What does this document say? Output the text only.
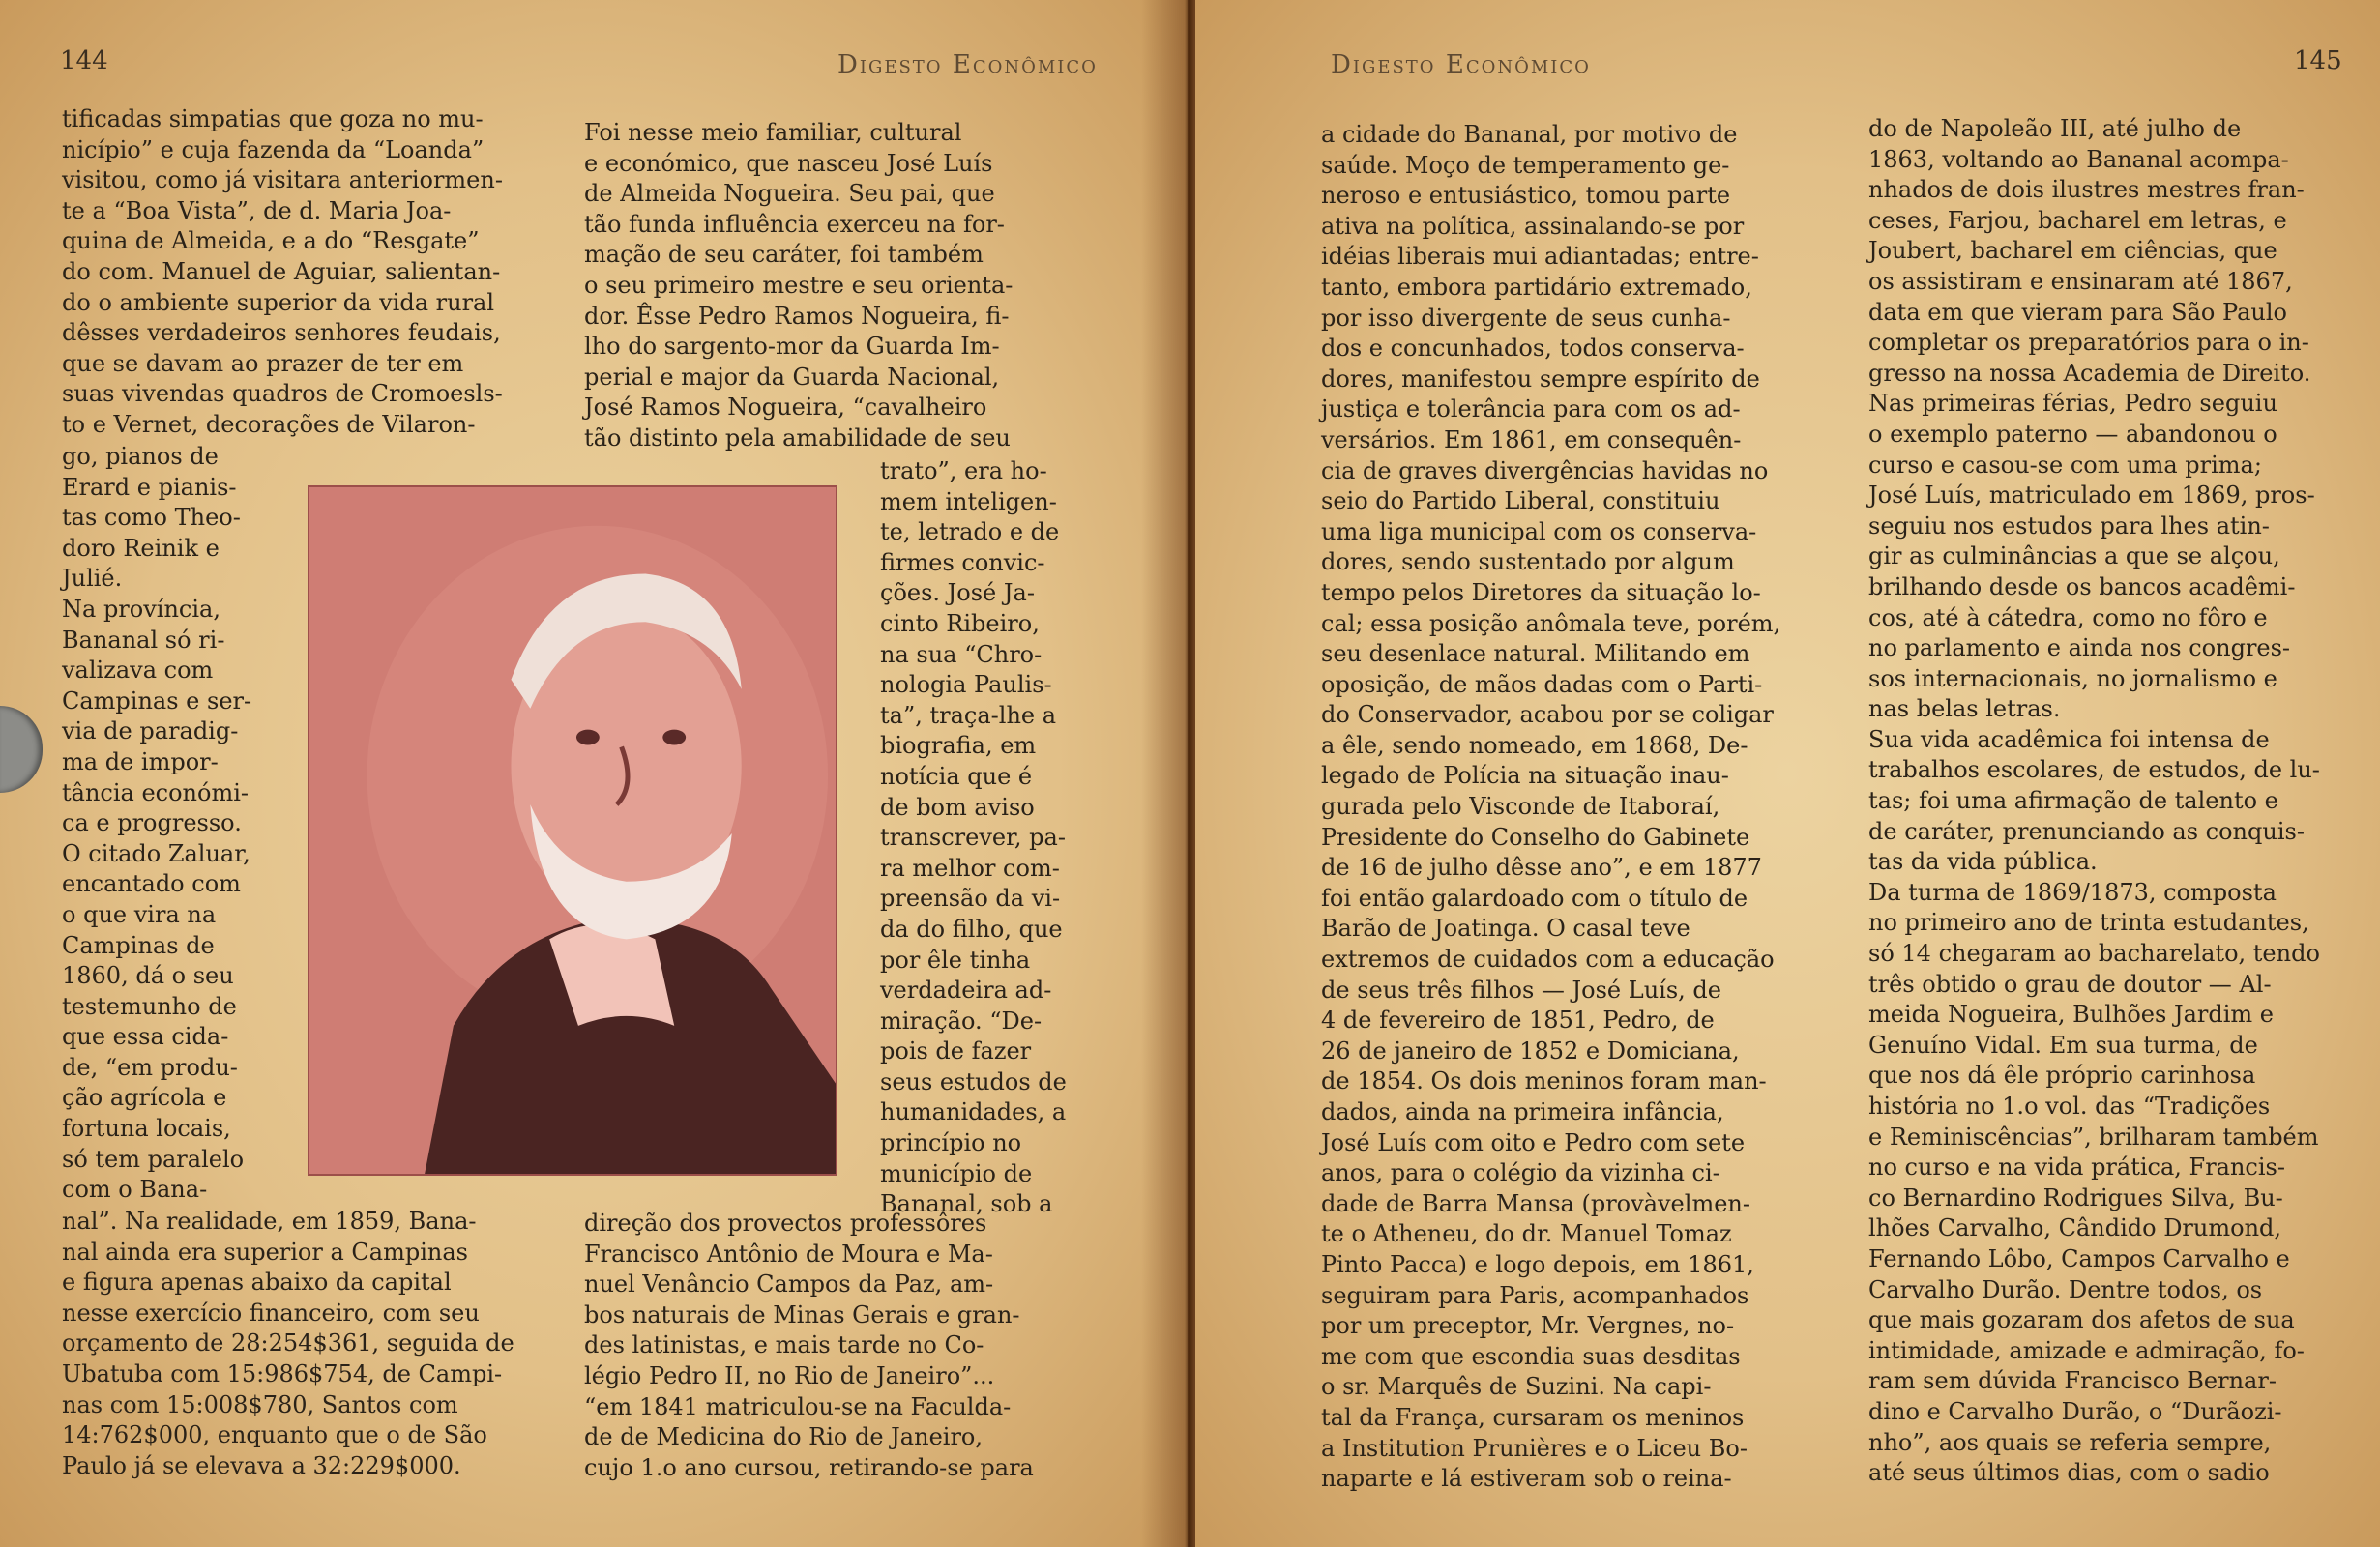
144	Digesto Econômico
tificadas simpatias que goza no mu-
nicípio” e cuja fazenda da “Loanda”
visitou, como já visitara anteriormen-
te a “Boa Vista”, de d. Maria Joa-
quina de Almeida, e a do “Resgate”
do com. Manuel de Aguiar, salientan-
do o ambiente superior da vida rural
dêsses verdadeiros senhores feudais,
que se davam ao prazer de ter em
suas vivendas quadros de Cromoesls-
to e Vernet, decorações de Vilaron-
go, pianos de
Erard e pianis-
tas como Theo-
doro Reinik e
Julié.
Na província,
Bananal só ri-
valizava com
Campinas e ser-
via de paradig-
ma de impor-
tância económi-
ca e progresso.
O citado Zaluar,
encantado com
o que vira na
Campinas de
1860, dá o seu
testemunho de
que essa cida-
de, “em produ-
ção agrícola e
fortuna locais,
só tem paralelo
com o Bana-
nal”. Na realidade, em 1859, Bana-
nal ainda era superior a Campinas
e figura apenas abaixo da capital
nesse exercício financeiro, com seu
orçamento de 28:254$361, seguida de
Ubatuba com 15:986$754, de Campi-
nas com 15:008$780, Santos com
14:762$000, enquanto que o de São
Paulo já se elevava a 32:229$000.
Foi nesse meio familiar, cultural
e económico, que nasceu José Luís
de Almeida Nogueira. Seu pai, que
tão funda influência exerceu na for-
mação de seu caráter, foi também
o seu primeiro mestre e seu orienta-
dor. Êsse Pedro Ramos Nogueira, fi-
lho do sargento-mor da Guarda Im-
perial e major da Guarda Nacional,
José Ramos Nogueira, “cavalheiro
tão distinto pela amabilidade de seu
trato”, era ho-
mem inteligen-
te, letrado e de
firmes convic-
ções. José Ja-
cinto Ribeiro,
na sua “Chro-
nologia Paulis-
ta”, traça-lhe a
biografia, em
notícia que é
de bom aviso
transcrever, pa-
ra melhor com-
preensão da vi-
da do filho, que
por êle tinha
verdadeira ad-
miração. “De-
pois de fazer
seus estudos de
humanidades, a
princípio no
município de
Bananal, sob a
direção dos provectos professôres
Francisco Antônio de Moura e Ma-
nuel Venâncio Campos da Paz, am-
bos naturais de Minas Gerais e gran-
des latinistas, e mais tarde no Co-
légio Pedro II, no Rio de Janeiro”...
“em 1841 matriculou-se na Faculda-
de de Medicina do Rio de Janeiro,
cujo 1.o ano cursou, retirando-se para
Digesto Econômico	145
a cidade do Bananal, por motivo de
saúde. Moço de temperamento ge-
neroso e entusiástico, tomou parte
ativa na política, assinalando-se por
idéias liberais mui adiantadas; entre-
tanto, embora partidário extremado,
por isso divergente de seus cunha-
dos e concunhados, todos conserva-
dores, manifestou sempre espírito de
justiça e tolerância para com os ad-
versários. Em 1861, em consequên-
cia de graves divergências havidas no
seio do Partido Liberal, constituiu
uma liga municipal com os conserva-
dores, sendo sustentado por algum
tempo pelos Diretores da situação lo-
cal; essa posição anômala teve, porém,
seu desenlace natural. Militando em
oposição, de mãos dadas com o Parti-
do Conservador, acabou por se coligar
a êle, sendo nomeado, em 1868, De-
legado de Polícia na situação inau-
gurada pelo Visconde de Itaboraí,
Presidente do Conselho do Gabinete
de 16 de julho dêsse ano”, e em 1877
foi então galardoado com o título de
Barão de Joatinga. O casal teve
extremos de cuidados com a educação
de seus três filhos — José Luís, de
4 de fevereiro de 1851, Pedro, de
26 de janeiro de 1852 e Domiciana,
de 1854. Os dois meninos foram man-
dados, ainda na primeira infância,
José Luís com oito e Pedro com sete
anos, para o colégio da vizinha ci-
dade de Barra Mansa (provàvelmen-
te o Atheneu, do dr. Manuel Tomaz
Pinto Pacca) e logo depois, em 1861,
seguiram para Paris, acompanhados
por um preceptor, Mr. Vergnes, no-
me com que escondia suas desditas
o sr. Marquês de Suzini. Na capi-
tal da França, cursaram os meninos
a Institution Prunières e o Liceu Bo-
naparte e lá estiveram sob o reina-
do de Napoleão III, até julho de
1863, voltando ao Bananal acompa-
nhados de dois ilustres mestres fran-
ceses, Farjou, bacharel em letras, e
Joubert, bacharel em ciências, que
os assistiram e ensinaram até 1867,
data em que vieram para São Paulo
completar os preparatórios para o in-
gresso na nossa Academia de Direito.
Nas primeiras férias, Pedro seguiu
o exemplo paterno — abandonou o
curso e casou-se com uma prima;
José Luís, matriculado em 1869, pros-
seguiu nos estudos para lhes atin-
gir as culminâncias a que se alçou,
brilhando desde os bancos acadêmi-
cos, até à cátedra, como no fôro e
no parlamento e ainda nos congres-
sos internacionais, no jornalismo e
nas belas letras.
Sua vida acadêmica foi intensa de
trabalhos escolares, de estudos, de lu-
tas; foi uma afirmação de talento e
de caráter, prenunciando as conquis-
tas da vida pública.
Da turma de 1869/1873, composta
no primeiro ano de trinta estudantes,
só 14 chegaram ao bacharelato, tendo
três obtido o grau de doutor — Al-
meida Nogueira, Bulhões Jardim e
Genuíno Vidal. Em sua turma, de
que nos dá êle próprio carinhosa
história no 1.o vol. das “Tradições
e Reminiscências”, brilharam também
no curso e na vida prática, Francis-
co Bernardino Rodrigues Silva, Bu-
lhões Carvalho, Cândido Drumond,
Fernando Lôbo, Campos Carvalho e
Carvalho Durão. Dentre todos, os
que mais gozaram dos afetos de sua
intimidade, amizade e admiração, fo-
ram sem dúvida Francisco Bernar-
dino e Carvalho Durão, o “Durãozi-
nho”, aos quais se referia sempre,
até seus últimos dias, com o sadio
